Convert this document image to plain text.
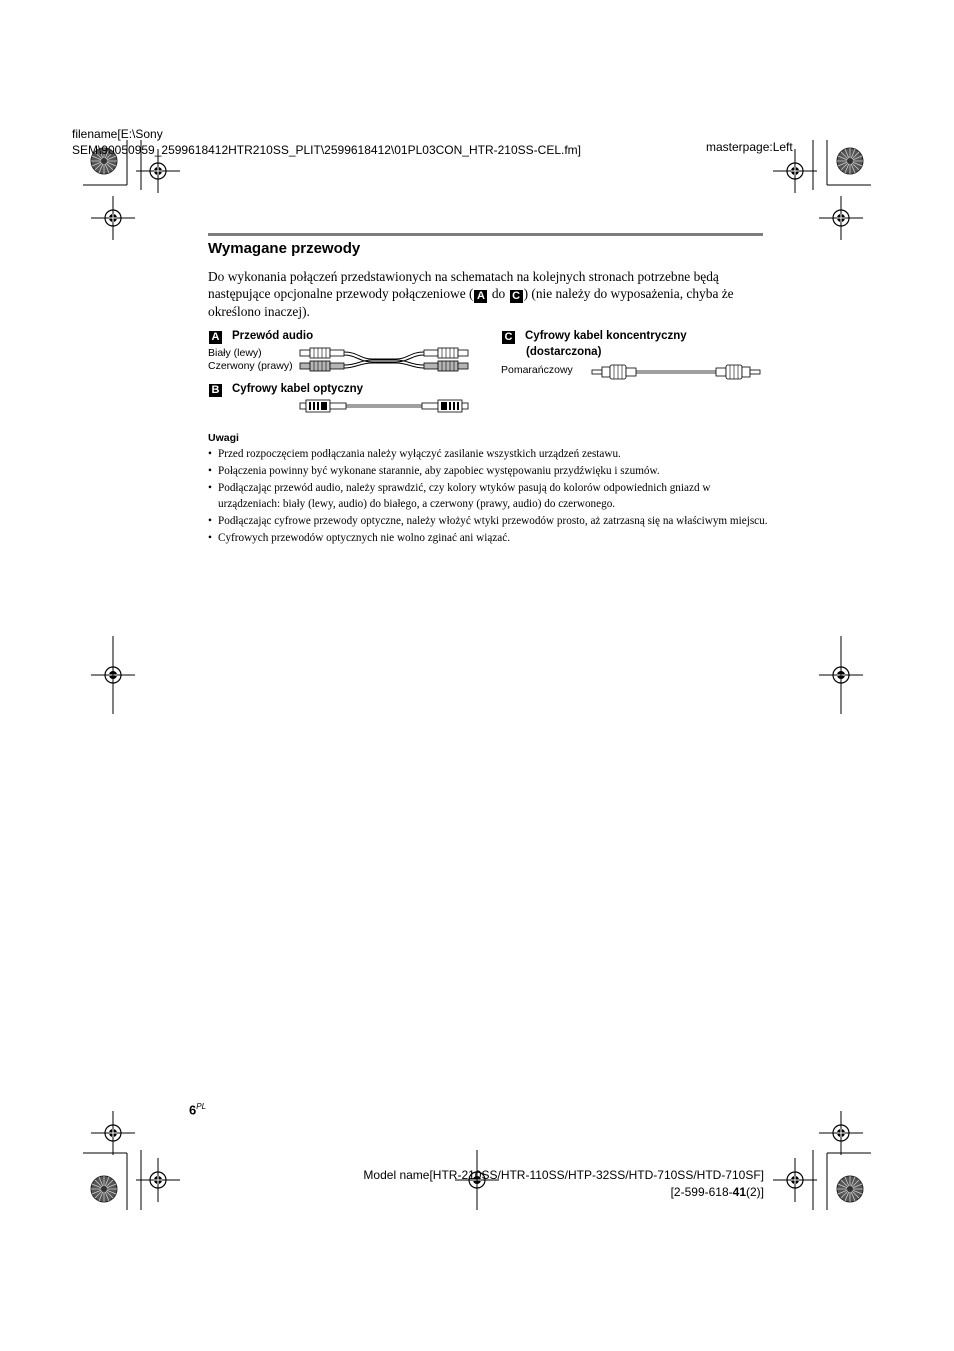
filename[E:\Sony
SEM\90050959_2599618412HTR210SS_PLIT\2599618412\01PL03CON_HTR-210SS-CEL.fm]	masterpage:Left
Wymagane przewody
Do wykonania połączeń przedstawionych na schematach na kolejnych stronach potrzebne będą następujące opcjonalne przewody połączeniowe ( A do C ) (nie należy do wyposażenia, chyba że określono inaczej).
A Przewód audio
Biały (lewy)
Czerwony (prawy)
B Cyfrowy kabel optyczny
C Cyfrowy kabel koncentryczny
(dostarczona)
Pomarańczowy
Uwagi
• Przed rozpoczęciem podłączania należy wyłączyć zasilanie wszystkich urządzeń zestawu.
• Połączenia powinny być wykonane starannie, aby zapobiec występowaniu przydźwięku i szumów.
• Podłączając przewód audio, należy sprawdzić, czy kolory wtyków pasują do kolorów odpowiednich gniazd w urządzeniach: biały (lewy, audio) do białego, a czerwony (prawy, audio) do czerwonego.
• Podłączając cyfrowe przewody optyczne, należy włożyć wtyki przewodów prosto, aż zatrzasną się na właściwym miejscu.
• Cyfrowych przewodów optycznych nie wolno zginać ani wiązać.
$6^{PL}$
Model name[HTR-210SS/HTR-110SS/HTP-32SS/HTD-710SS/HTD-710SF]
[2-599-618-41(2)]
